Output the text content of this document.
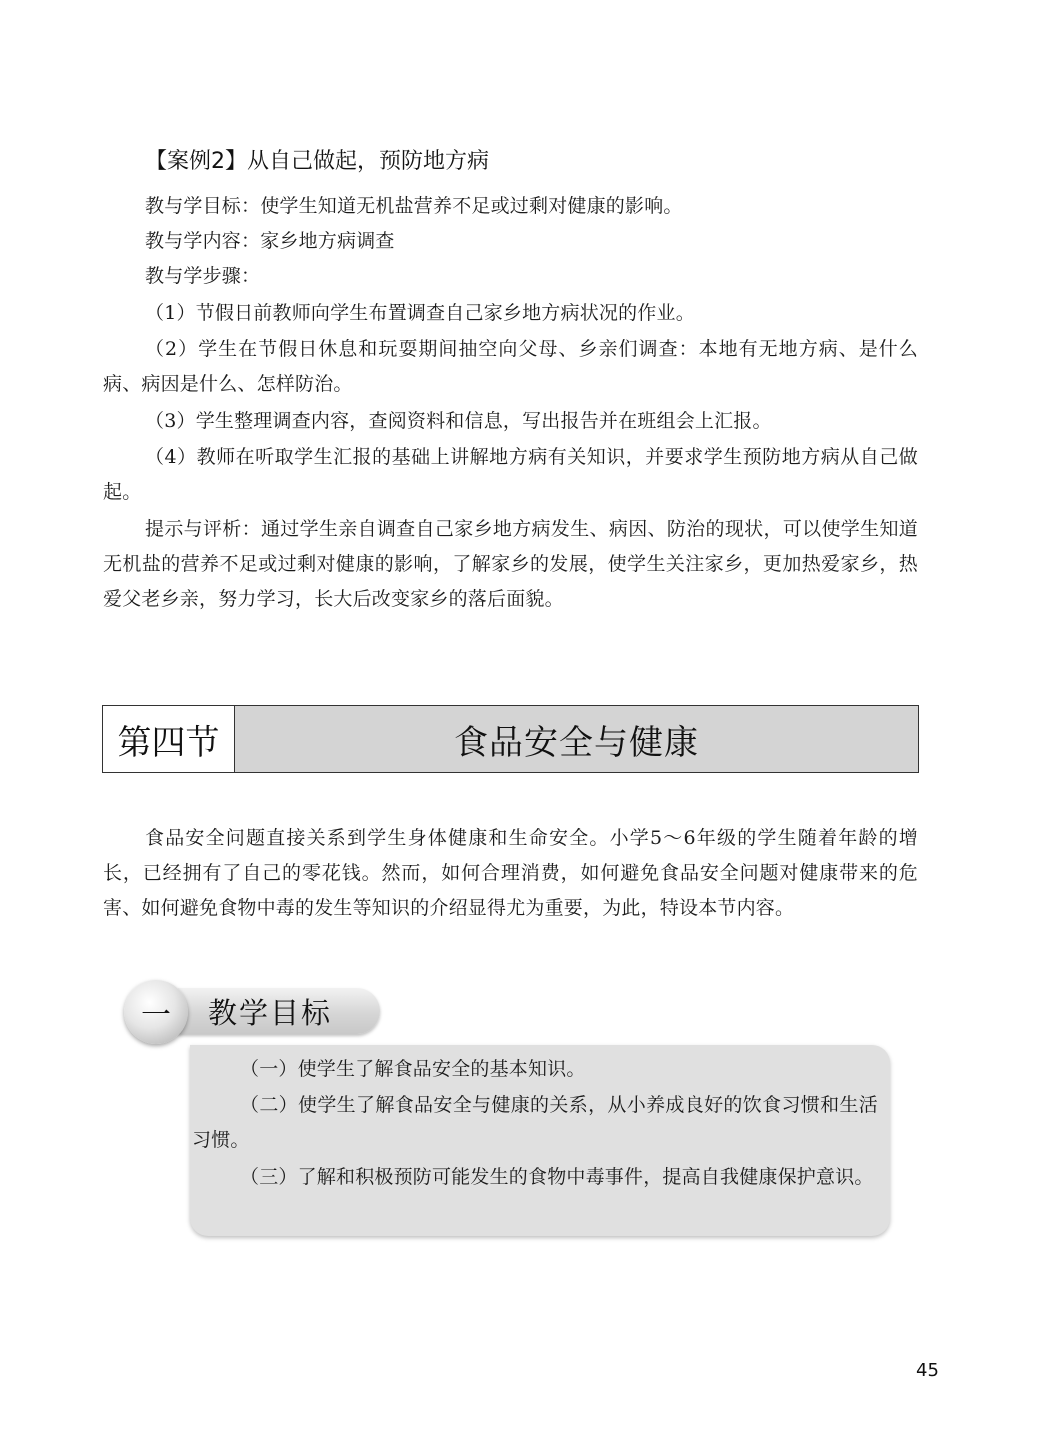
【案例2】从自己做起，预防地方病

教与学目标：使学生知道无机盐营养不足或过剩对健康的影响。

教与学内容：家乡地方病调查

教与学步骤：

（1）节假日前教师向学生布置调查自己家乡地方病状况的作业。

（2）学生在节假日休息和玩耍期间抽空向父母、乡亲们调查：本地有无地方病、是什么病、病因是什么、怎样防治。

（3）学生整理调查内容，查阅资料和信息，写出报告并在班组会上汇报。

（4）教师在听取学生汇报的基础上讲解地方病有关知识，并要求学生预防地方病从自己做起。

提示与评析：通过学生亲自调查自己家乡地方病发生、病因、防治的现状，可以使学生知道无机盐的营养不足或过剩对健康的影响，了解家乡的发展，使学生关注家乡，更加热爱家乡，热爱父老乡亲，努力学习，长大后改变家乡的落后面貌。

第四节	食品安全与健康

食品安全问题直接关系到学生身体健康和生命安全。小学5～6年级的学生随着年龄的增长，已经拥有了自己的零花钱。然而，如何合理消费，如何避免食品安全问题对健康带来的危害、如何避免食物中毒的发生等知识的介绍显得尤为重要，为此，特设本节内容。

教学目标
一

（一）使学生了解食品安全的基本知识。

（二）使学生了解食品安全与健康的关系，从小养成良好的饮食习惯和生活习惯。

（三）了解和积极预防可能发生的食物中毒事件，提高自我健康保护意识。

45
